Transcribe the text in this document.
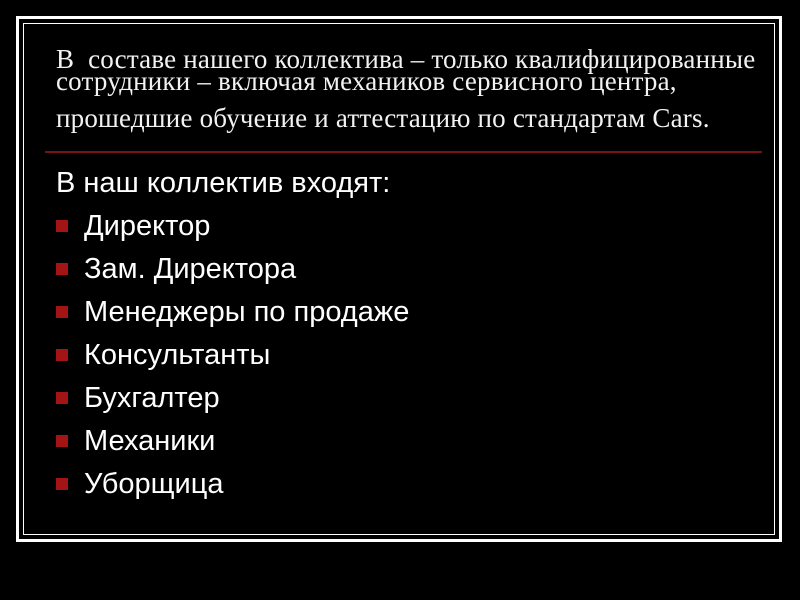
В  составе нашего коллектива – только квалифицированные
сотрудники – включая механиков сервисного центра,
прошедшие обучение и аттестацию по стандартам Cars.
В наш коллектив входят:
Директор
Зам. Директора
Менеджеры по продаже
Консультанты
Бухгалтер
Механики
Уборщица
